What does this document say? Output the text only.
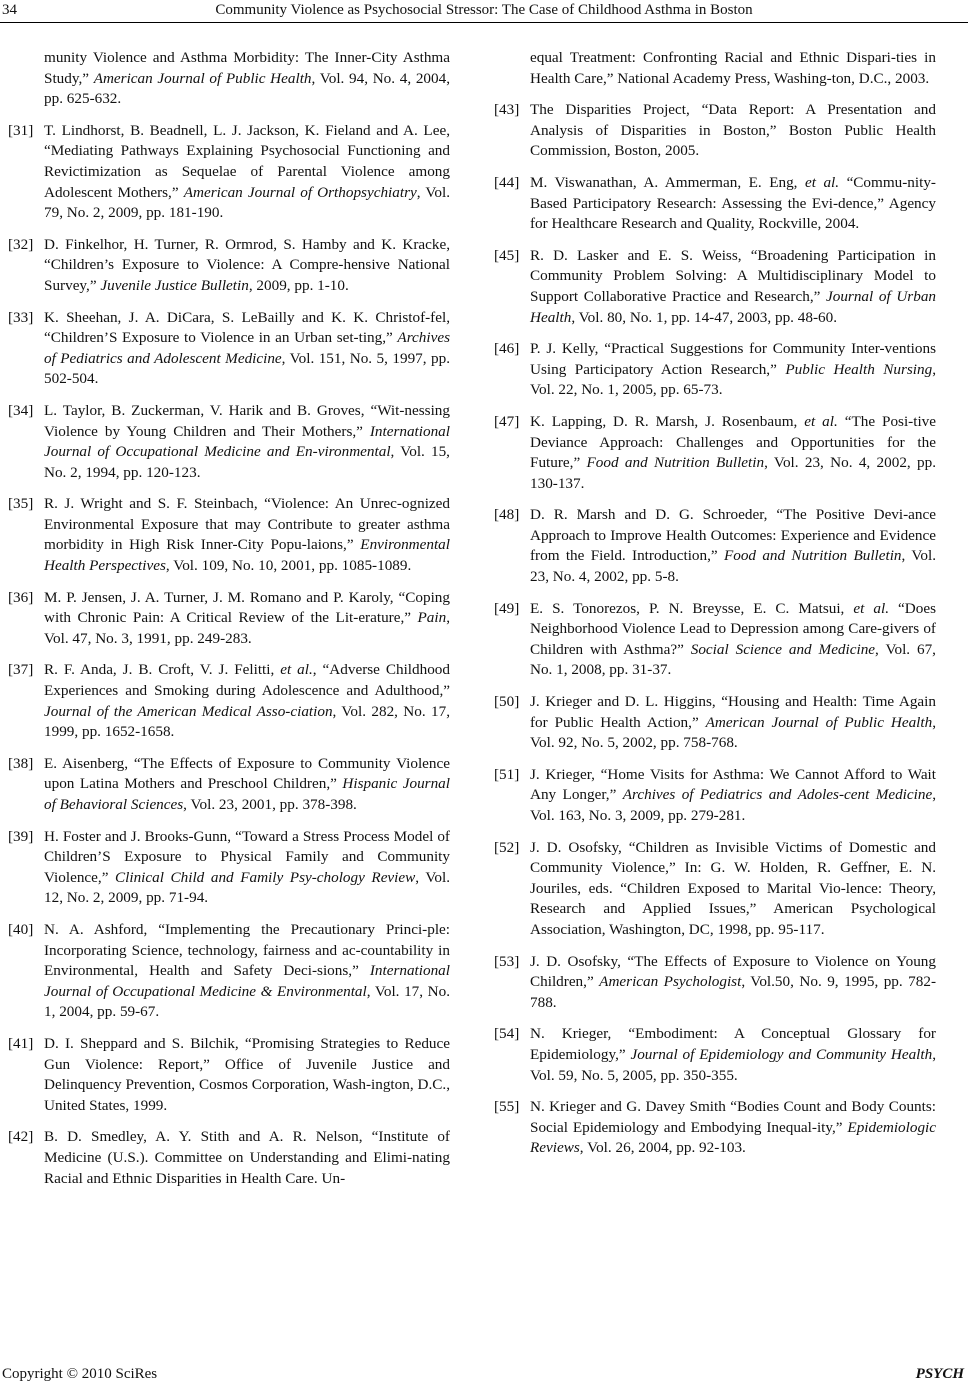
34	Community Violence as Psychosocial Stressor: The Case of Childhood Asthma in Boston
munity Violence and Asthma Morbidity: The Inner-City Asthma Study,” American Journal of Public Health, Vol. 94, No. 4, 2004, pp. 625-632.
[31] T. Lindhorst, B. Beadnell, L. J. Jackson, K. Fieland and A. Lee, “Mediating Pathways Explaining Psychosocial Functioning and Revictimization as Sequelae of Parental Violence among Adolescent Mothers,” American Journal of Orthopsychiatry, Vol. 79, No. 2, 2009, pp. 181-190.
[32] D. Finkelhor, H. Turner, R. Ormrod, S. Hamby and K. Kracke, “Children’s Exposure to Violence: A Compre-hensive National Survey,” Juvenile Justice Bulletin, 2009, pp. 1-10.
[33] K. Sheehan, J. A. DiCara, S. LeBailly and K. K. Christof-fel, “Children’S Exposure to Violence in an Urban set-ting,” Archives of Pediatrics and Adolescent Medicine, Vol. 151, No. 5, 1997, pp. 502-504.
[34] L. Taylor, B. Zuckerman, V. Harik and B. Groves, “Wit-nessing Violence by Young Children and Their Mothers,” International Journal of Occupational Medicine and En-vironmental, Vol. 15, No. 2, 1994, pp. 120-123.
[35] R. J. Wright and S. F. Steinbach, “Violence: An Unrec-ognized Environmental Exposure that may Contribute to greater asthma morbidity in High Risk Inner-City Popu-laions,” Environmental Health Perspectives, Vol. 109, No. 10, 2001, pp. 1085-1089.
[36] M. P. Jensen, J. A. Turner, J. M. Romano and P. Karoly, “Coping with Chronic Pain: A Critical Review of the Lit-erature,” Pain, Vol. 47, No. 3, 1991, pp. 249-283.
[37] R. F. Anda, J. B. Croft, V. J. Felitti, et al., “Adverse Childhood Experiences and Smoking during Adolescence and Adulthood,” Journal of the American Medical Asso-ciation, Vol. 282, No. 17, 1999, pp. 1652-1658.
[38] E. Aisenberg, “The Effects of Exposure to Community Violence upon Latina Mothers and Preschool Children,” Hispanic Journal of Behavioral Sciences, Vol. 23, 2001, pp. 378-398.
[39] H. Foster and J. Brooks-Gunn, “Toward a Stress Process Model of Children’S Exposure to Physical Family and Community Violence,” Clinical Child and Family Psy-chology Review, Vol. 12, No. 2, 2009, pp. 71-94.
[40] N. A. Ashford, “Implementing the Precautionary Princi-ple: Incorporating Science, technology, fairness and ac-countability in Environmental, Health and Safety Deci-sions,” International Journal of Occupational Medicine & Environmental, Vol. 17, No. 1, 2004, pp. 59-67.
[41] D. I. Sheppard and S. Bilchik, “Promising Strategies to Reduce Gun Violence: Report,” Office of Juvenile Justice and Delinquency Prevention, Cosmos Corporation, Wash-ington, D.C., United States, 1999.
[42] B. D. Smedley, A. Y. Stith and A. R. Nelson, “Institute of Medicine (U.S.). Committee on Understanding and Elimi-nating Racial and Ethnic Disparities in Health Care. Un-
equal Treatment: Confronting Racial and Ethnic Dispari-ties in Health Care,” National Academy Press, Washing-ton, D.C., 2003.
[43] The Disparities Project, “Data Report: A Presentation and Analysis of Disparities in Boston,” Boston Public Health Commission, Boston, 2005.
[44] M. Viswanathan, A. Ammerman, E. Eng, et al. “Commu-nity-Based Participatory Research: Assessing the Evi-dence,” Agency for Healthcare Research and Quality, Rockville, 2004.
[45] R. D. Lasker and E. S. Weiss, “Broadening Participation in Community Problem Solving: A Multidisciplinary Model to Support Collaborative Practice and Research,” Journal of Urban Health, Vol. 80, No. 1, pp. 14-47, 2003, pp. 48-60.
[46] P. J. Kelly, “Practical Suggestions for Community Inter-ventions Using Participatory Action Research,” Public Health Nursing, Vol. 22, No. 1, 2005, pp. 65-73.
[47] K. Lapping, D. R. Marsh, J. Rosenbaum, et al. “The Posi-tive Deviance Approach: Challenges and Opportunities for the Future,” Food and Nutrition Bulletin, Vol. 23, No. 4, 2002, pp. 130-137.
[48] D. R. Marsh and D. G. Schroeder, “The Positive Devi-ance Approach to Improve Health Outcomes: Experience and Evidence from the Field. Introduction,” Food and Nutrition Bulletin, Vol. 23, No. 4, 2002, pp. 5-8.
[49] E. S. Tonorezos, P. N. Breysse, E. C. Matsui, et al. “Does Neighborhood Violence Lead to Depression among Care-givers of Children with Asthma?” Social Science and Medicine, Vol. 67, No. 1, 2008, pp. 31-37.
[50] J. Krieger and D. L. Higgins, “Housing and Health: Time Again for Public Health Action,” American Journal of Public Health, Vol. 92, No. 5, 2002, pp. 758-768.
[51] J. Krieger, “Home Visits for Asthma: We Cannot Afford to Wait Any Longer,” Archives of Pediatrics and Adoles-cent Medicine, Vol. 163, No. 3, 2009, pp. 279-281.
[52] J. D. Osofsky, “Children as Invisible Victims of Domestic and Community Violence,” In: G. W. Holden, R. Geffner, E. N. Jouriles, eds. “Children Exposed to Marital Vio-lence: Theory, Research and Applied Issues,” American Psychological Association, Washington, DC, 1998, pp. 95-117.
[53] J. D. Osofsky, “The Effects of Exposure to Violence on Young Children,” American Psychologist, Vol.50, No. 9, 1995, pp. 782-788.
[54] N. Krieger, “Embodiment: A Conceptual Glossary for Epidemiology,” Journal of Epidemiology and Community Health, Vol. 59, No. 5, 2005, pp. 350-355.
[55] N. Krieger and G. Davey Smith “Bodies Count and Body Counts: Social Epidemiology and Embodying Inequal-ity,” Epidemiologic Reviews, Vol. 26, 2004, pp. 92-103.
Copyright © 2010 SciRes	PSYCH
